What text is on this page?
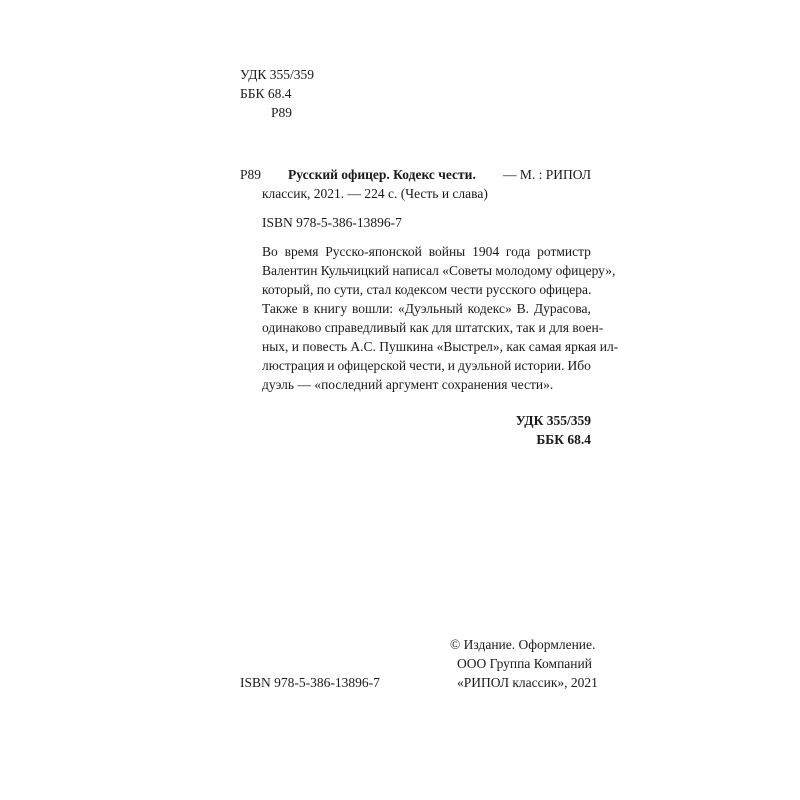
УДК 355/359
ББК 68.4
Р89
Р89 Русский офицер. Кодекс чести. — М. : РИПОЛ
классик, 2021. — 224 с. (Честь и слава)
ISBN 978-5-386-13896-7
Во время Русско-японской войны 1904 года ротмистр
Валентин Кульчицкий написал «Советы молодому офицеру»,
который, по сути, стал кодексом чести русского офицера.
Также в книгу вошли: «Дуэльный кодекс» В. Дурасова,
одинаково справедливый как для штатских, так и для воен-
ных, и повесть А.С. Пушкина «Выстрел», как самая яркая ил-
люстрация и офицерской чести, и дуэльной истории. Ибо
дуэль — «последний аргумент сохранения чести».
УДК 355/359
ББК 68.4
© Издание. Оформление.
ООО Группа Компаний
ISBN 978-5-386-13896-7	«РИПОЛ классик», 2021
